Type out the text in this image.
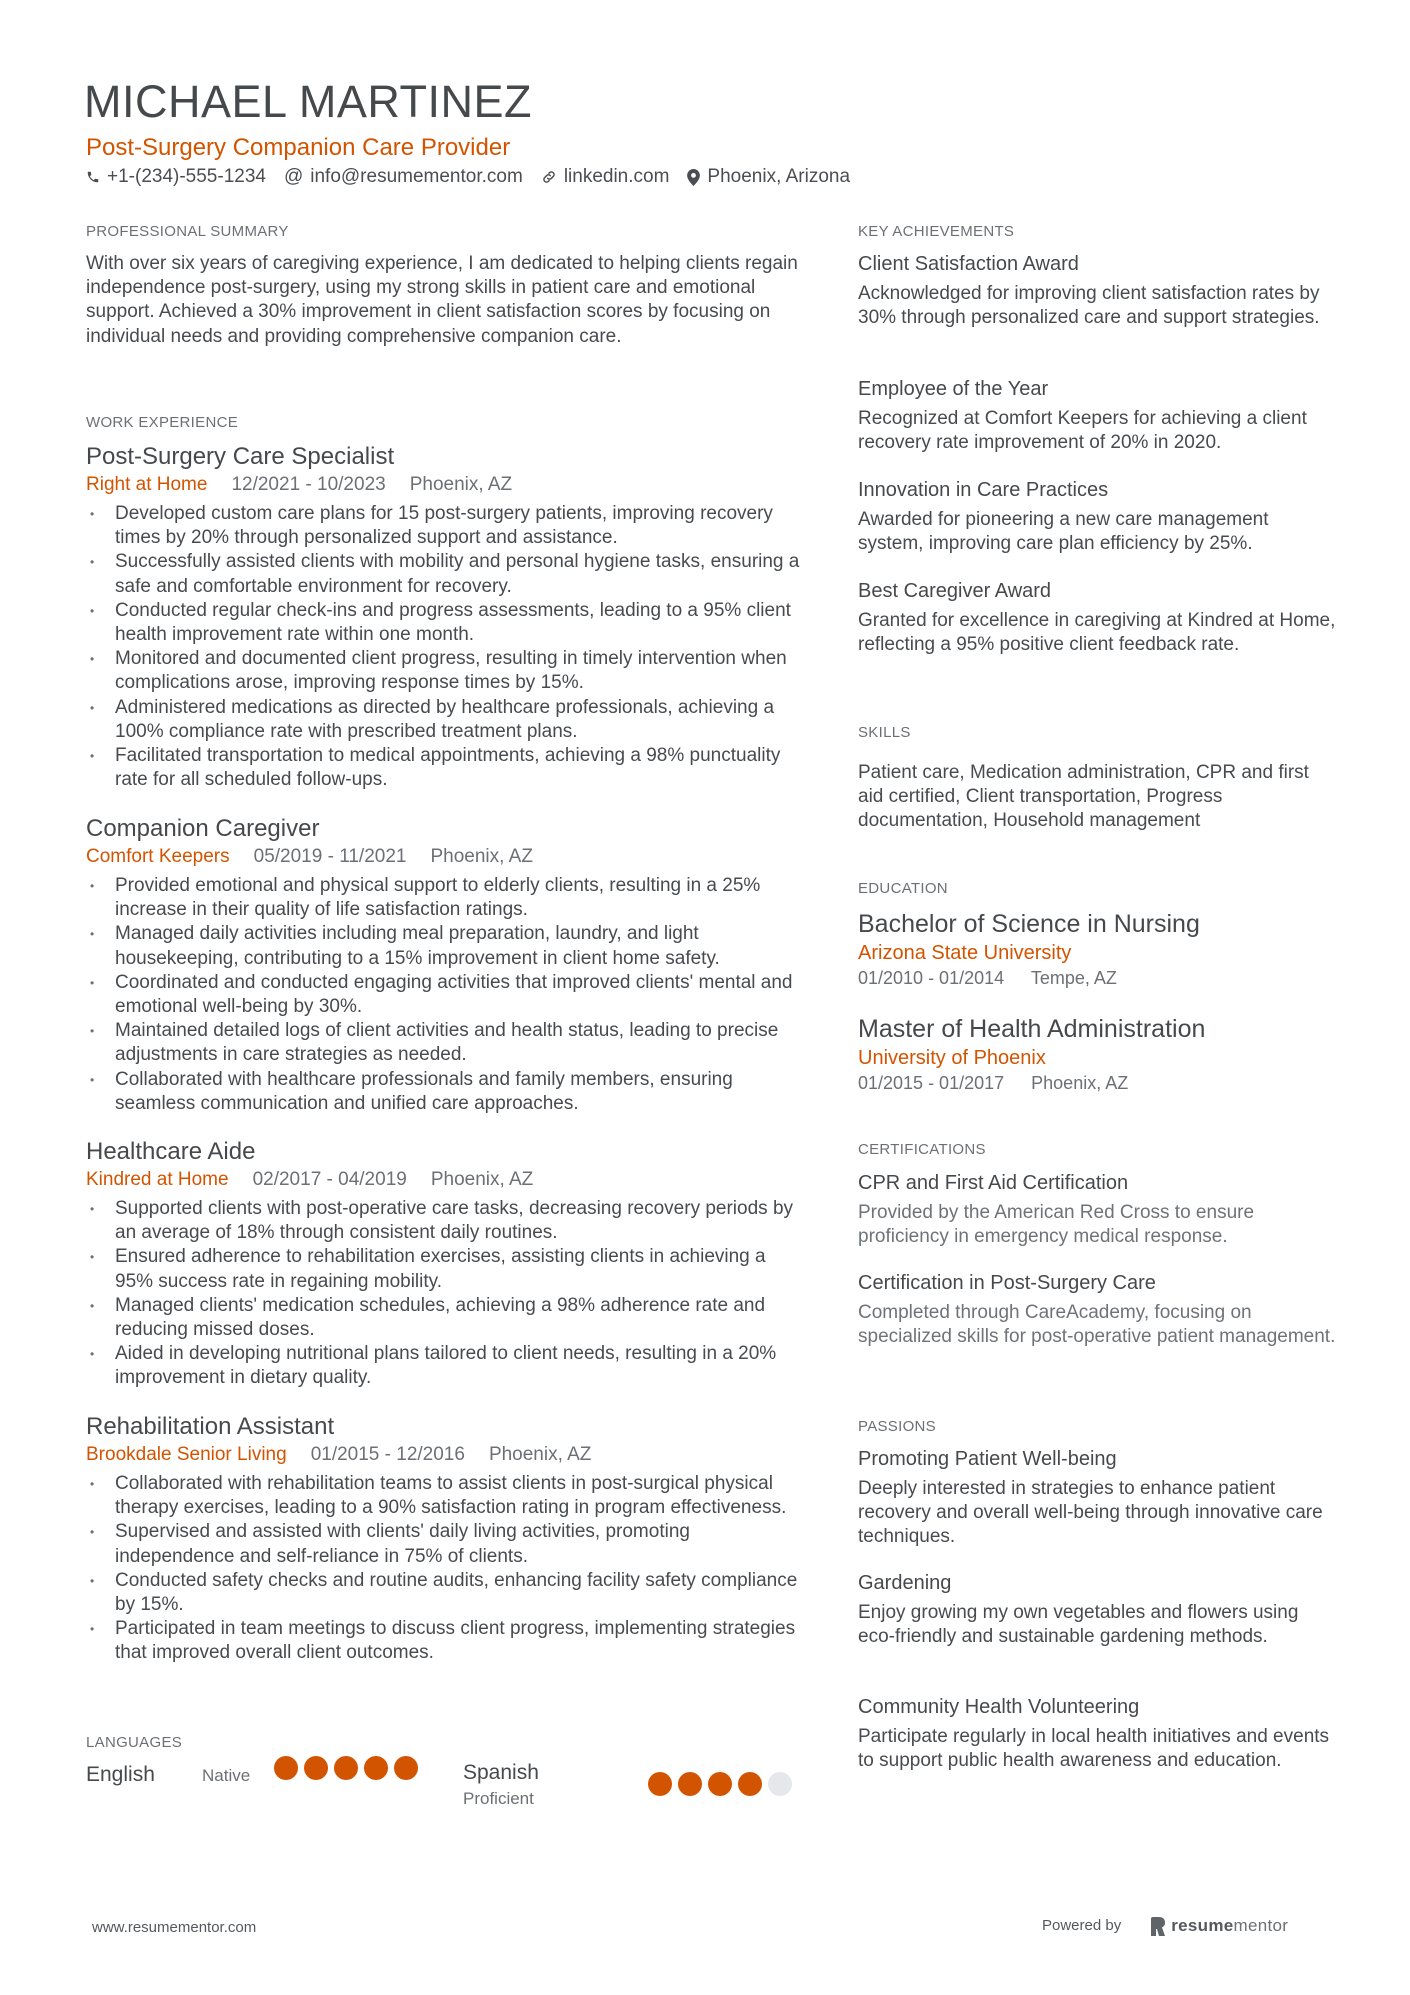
MICHAEL MARTINEZ
Post-Surgery Companion Care Provider
+1-(234)-555-1234 @ info@resumementor.com linkedin.com Phoenix, Arizona
PROFESSIONAL SUMMARY
With over six years of caregiving experience, I am dedicated to helping clients regain independence post-surgery, using my strong skills in patient care and emotional support. Achieved a 30% improvement in client satisfaction scores by focusing on individual needs and providing comprehensive companion care.
WORK EXPERIENCE
Post-Surgery Care Specialist
Right at Home 12/2021 - 10/2023 Phoenix, AZ
• Developed custom care plans for 15 post-surgery patients, improving recovery times by 20% through personalized support and assistance.
• Successfully assisted clients with mobility and personal hygiene tasks, ensuring a safe and comfortable environment for recovery.
• Conducted regular check-ins and progress assessments, leading to a 95% client health improvement rate within one month.
• Monitored and documented client progress, resulting in timely intervention when complications arose, improving response times by 15%.
• Administered medications as directed by healthcare professionals, achieving a 100% compliance rate with prescribed treatment plans.
• Facilitated transportation to medical appointments, achieving a 98% punctuality rate for all scheduled follow-ups.
Companion Caregiver
Comfort Keepers 05/2019 - 11/2021 Phoenix, AZ
• Provided emotional and physical support to elderly clients, resulting in a 25% increase in their quality of life satisfaction ratings.
• Managed daily activities including meal preparation, laundry, and light housekeeping, contributing to a 15% improvement in client home safety.
• Coordinated and conducted engaging activities that improved clients' mental and emotional well-being by 30%.
• Maintained detailed logs of client activities and health status, leading to precise adjustments in care strategies as needed.
• Collaborated with healthcare professionals and family members, ensuring seamless communication and unified care approaches.
Healthcare Aide
Kindred at Home 02/2017 - 04/2019 Phoenix, AZ
• Supported clients with post-operative care tasks, decreasing recovery periods by an average of 18% through consistent daily routines.
• Ensured adherence to rehabilitation exercises, assisting clients in achieving a 95% success rate in regaining mobility.
• Managed clients' medication schedules, achieving a 98% adherence rate and reducing missed doses.
• Aided in developing nutritional plans tailored to client needs, resulting in a 20% improvement in dietary quality.
Rehabilitation Assistant
Brookdale Senior Living 01/2015 - 12/2016 Phoenix, AZ
• Collaborated with rehabilitation teams to assist clients in post-surgical physical therapy exercises, leading to a 90% satisfaction rating in program effectiveness.
• Supervised and assisted with clients' daily living activities, promoting independence and self-reliance in 75% of clients.
• Conducted safety checks and routine audits, enhancing facility safety compliance by 15%.
• Participated in team meetings to discuss client progress, implementing strategies that improved overall client outcomes.
LANGUAGES
English	Native	Spanish
Proficient
KEY ACHIEVEMENTS
Client Satisfaction Award
Acknowledged for improving client satisfaction rates by 30% through personalized care and support strategies.
Employee of the Year
Recognized at Comfort Keepers for achieving a client recovery rate improvement of 20% in 2020.
Innovation in Care Practices
Awarded for pioneering a new care management system, improving care plan efficiency by 25%.
Best Caregiver Award
Granted for excellence in caregiving at Kindred at Home, reflecting a 95% positive client feedback rate.
SKILLS
Patient care, Medication administration, CPR and first aid certified, Client transportation, Progress documentation, Household management
EDUCATION
Bachelor of Science in Nursing
Arizona State University
01/2010 - 01/2014 Tempe, AZ
Master of Health Administration
University of Phoenix
01/2015 - 01/2017 Phoenix, AZ
CERTIFICATIONS
CPR and First Aid Certification
Provided by the American Red Cross to ensure proficiency in emergency medical response.
Certification in Post-Surgery Care
Completed through CareAcademy, focusing on specialized skills for post-operative patient management.
PASSIONS
Promoting Patient Well-being
Deeply interested in strategies to enhance patient recovery and overall well-being through innovative care techniques.
Gardening
Enjoy growing my own vegetables and flowers using eco-friendly and sustainable gardening methods.
Community Health Volunteering
Participate regularly in local health initiatives and events to support public health awareness and education.
www.resumementor.com	Powered by	resume mentor
